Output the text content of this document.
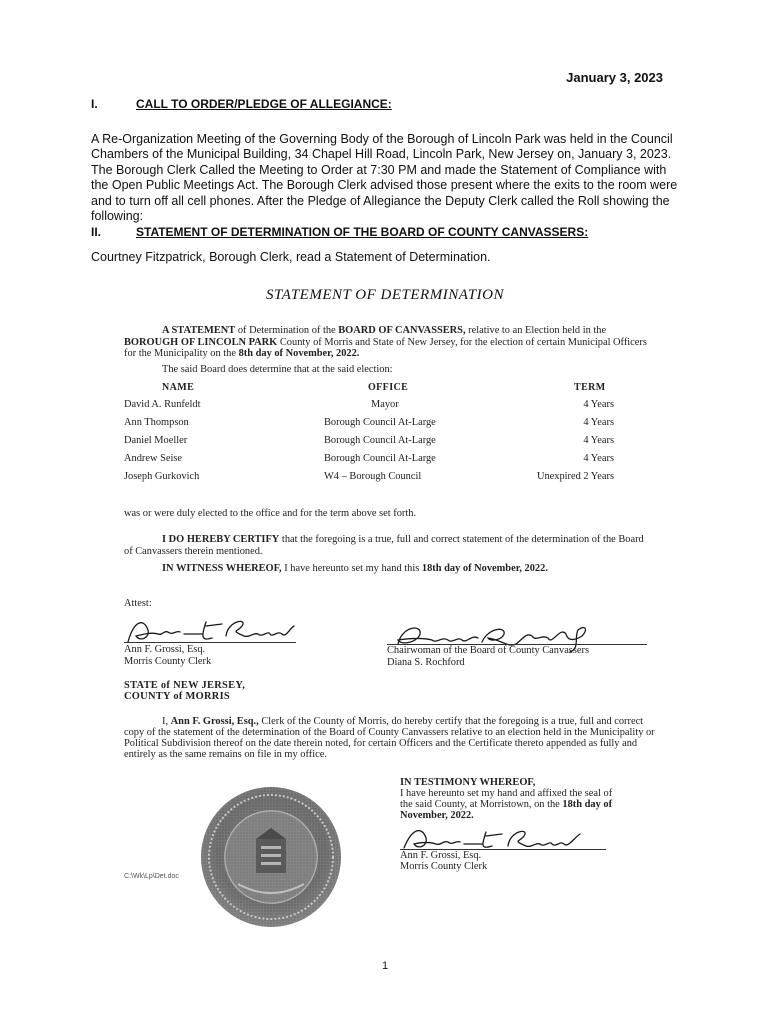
January 3, 2023
I.	CALL TO ORDER/PLEDGE OF ALLEGIANCE:
A Re-Organization Meeting of the Governing Body of the Borough of Lincoln Park was held in the Council Chambers of the Municipal Building, 34 Chapel Hill Road, Lincoln Park, New Jersey on, January 3, 2023. The Borough Clerk Called the Meeting to Order at 7:30 PM and made the Statement of Compliance with the Open Public Meetings Act. The Borough Clerk advised those present where the exits to the room were and to turn off all cell phones. After the Pledge of Allegiance the Deputy Clerk called the Roll showing the following:
II.	STATEMENT OF DETERMINATION OF THE BOARD OF COUNTY CANVASSERS:
Courtney Fitzpatrick, Borough Clerk, read a Statement of Determination.
STATEMENT OF DETERMINATION
A STATEMENT of Determination of the BOARD OF CANVASSERS, relative to an Election held in the BOROUGH OF LINCOLN PARK County of Morris and State of New Jersey, for the election of certain Municipal Officers for the Municipality on the 8th day of November, 2022.
The said Board does determine that at the said election:
NAME	OFFICE	TERM
David A. Runfeldt	Mayor	4 Years
Ann Thompson	Borough Council At-Large	4 Years
Daniel Moeller	Borough Council At-Large	4 Years
Andrew Seise	Borough Council At-Large	4 Years
Joseph Gurkovich	W4 – Borough Council	Unexpired 2 Years
was or were duly elected to the office and for the term above set forth.
I DO HEREBY CERTIFY that the foregoing is a true, full and correct statement of the determination of the Board of Canvassers therein mentioned.
IN WITNESS WHEREOF, I have hereunto set my hand this 18th day of November, 2022.
Attest:
Ann F. Grossi, Esq.
Morris County Clerk
Chairwoman of the Board of County Canvassers
Diana S. Rochford
STATE of NEW JERSEY,
COUNTY of MORRIS
I, Ann F. Grossi, Esq., Clerk of the County of Morris, do hereby certify that the foregoing is a true, full and correct copy of the statement of the determination of the Board of County Canvassers relative to an election held in the Municipality or Political Subdivision thereof on the date therein noted, for certain Officers and the Certificate thereto appended as fully and entirely as the same remains on file in my office.
IN TESTIMONY WHEREOF,
I have hereunto set my hand and affixed the seal of the said County, at Morristown, on the 18th day of November, 2022.
Ann F. Grossi, Esq.
Morris County Clerk
C:\Wk\Lp\Det.doc
1
